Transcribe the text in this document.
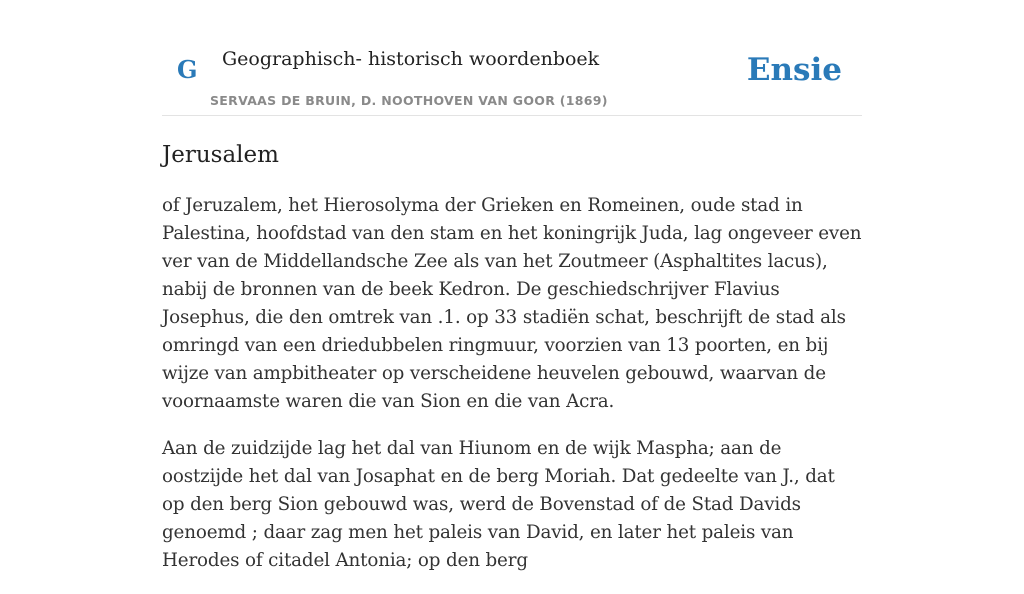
G Geographisch- historisch woordenboek
SERVAAS DE BRUIN, D. NOOTHOVEN VAN GOOR (1869)
Ensie
Jerusalem

of Jeruzalem, het Hierosolyma der Grieken en Romeinen, oude stad in Palestina, hoofdstad van den stam en het koningrijk Juda, lag ongeveer even ver van de Middellandsche Zee als van het Zoutmeer (Asphaltites lacus), nabij de bronnen van de beek Kedron. De geschiedschrijver Flavius Josephus, die den omtrek van .1. op 33 stadiën schat, beschrijft de stad als omringd van een driedubbelen ringmuur, voorzien van 13 poorten, en bij wijze van ampbitheater op verscheidene heuvelen gebouwd, waarvan de voornaamste waren die van Sion en die van Acra.

Aan de zuidzijde lag het dal van Hiunom en de wijk Maspha; aan de oostzijde het dal van Josaphat en de berg Moriah. Dat gedeelte van J., dat op den berg Sion gebouwd was, werd de Bovenstad of de Stad Davids genoemd ; daar zag men het paleis van David, en later het paleis van Herodes of citadel Antonia; op den berg
